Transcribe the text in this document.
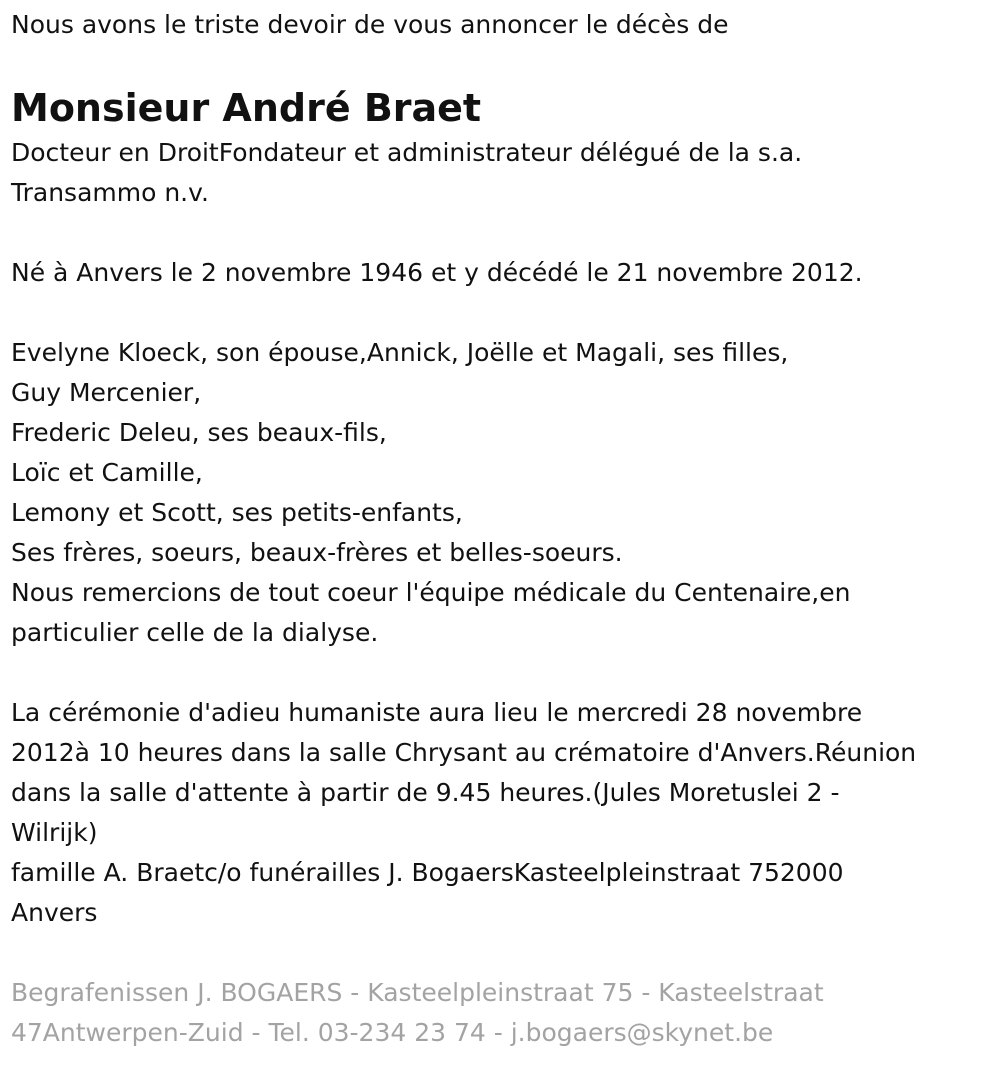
Nous avons le triste devoir de vous annoncer le décès de
Monsieur André Braet
Docteur en DroitFondateur et administrateur délégué de la s.a.
Transammo n.v.
Né à Anvers le 2 novembre 1946 et y décédé le 21 novembre 2012.
Evelyne Kloeck, son épouse,Annick, Joëlle et Magali, ses filles,
Guy Mercenier,
Frederic Deleu, ses beaux-fils,
Loïc et Camille,
Lemony et Scott, ses petits-enfants,
Ses frères, soeurs, beaux-frères et belles-soeurs.
Nous remercions de tout coeur l'équipe médicale du Centenaire,en
particulier celle de la dialyse.
La cérémonie d'adieu humaniste aura lieu le mercredi 28 novembre
2012à 10 heures dans la salle Chrysant au crématoire d'Anvers.Réunion
dans la salle d'attente à partir de 9.45 heures.(Jules Moretuslei 2 -
Wilrijk)
famille A. Braetc/o funérailles J. BogaersKasteelpleinstraat 752000
Anvers
Begrafenissen J. BOGAERS - Kasteelpleinstraat 75 - Kasteelstraat
47Antwerpen-Zuid - Tel. 03-234 23 74 - j.bogaers@skynet.be
